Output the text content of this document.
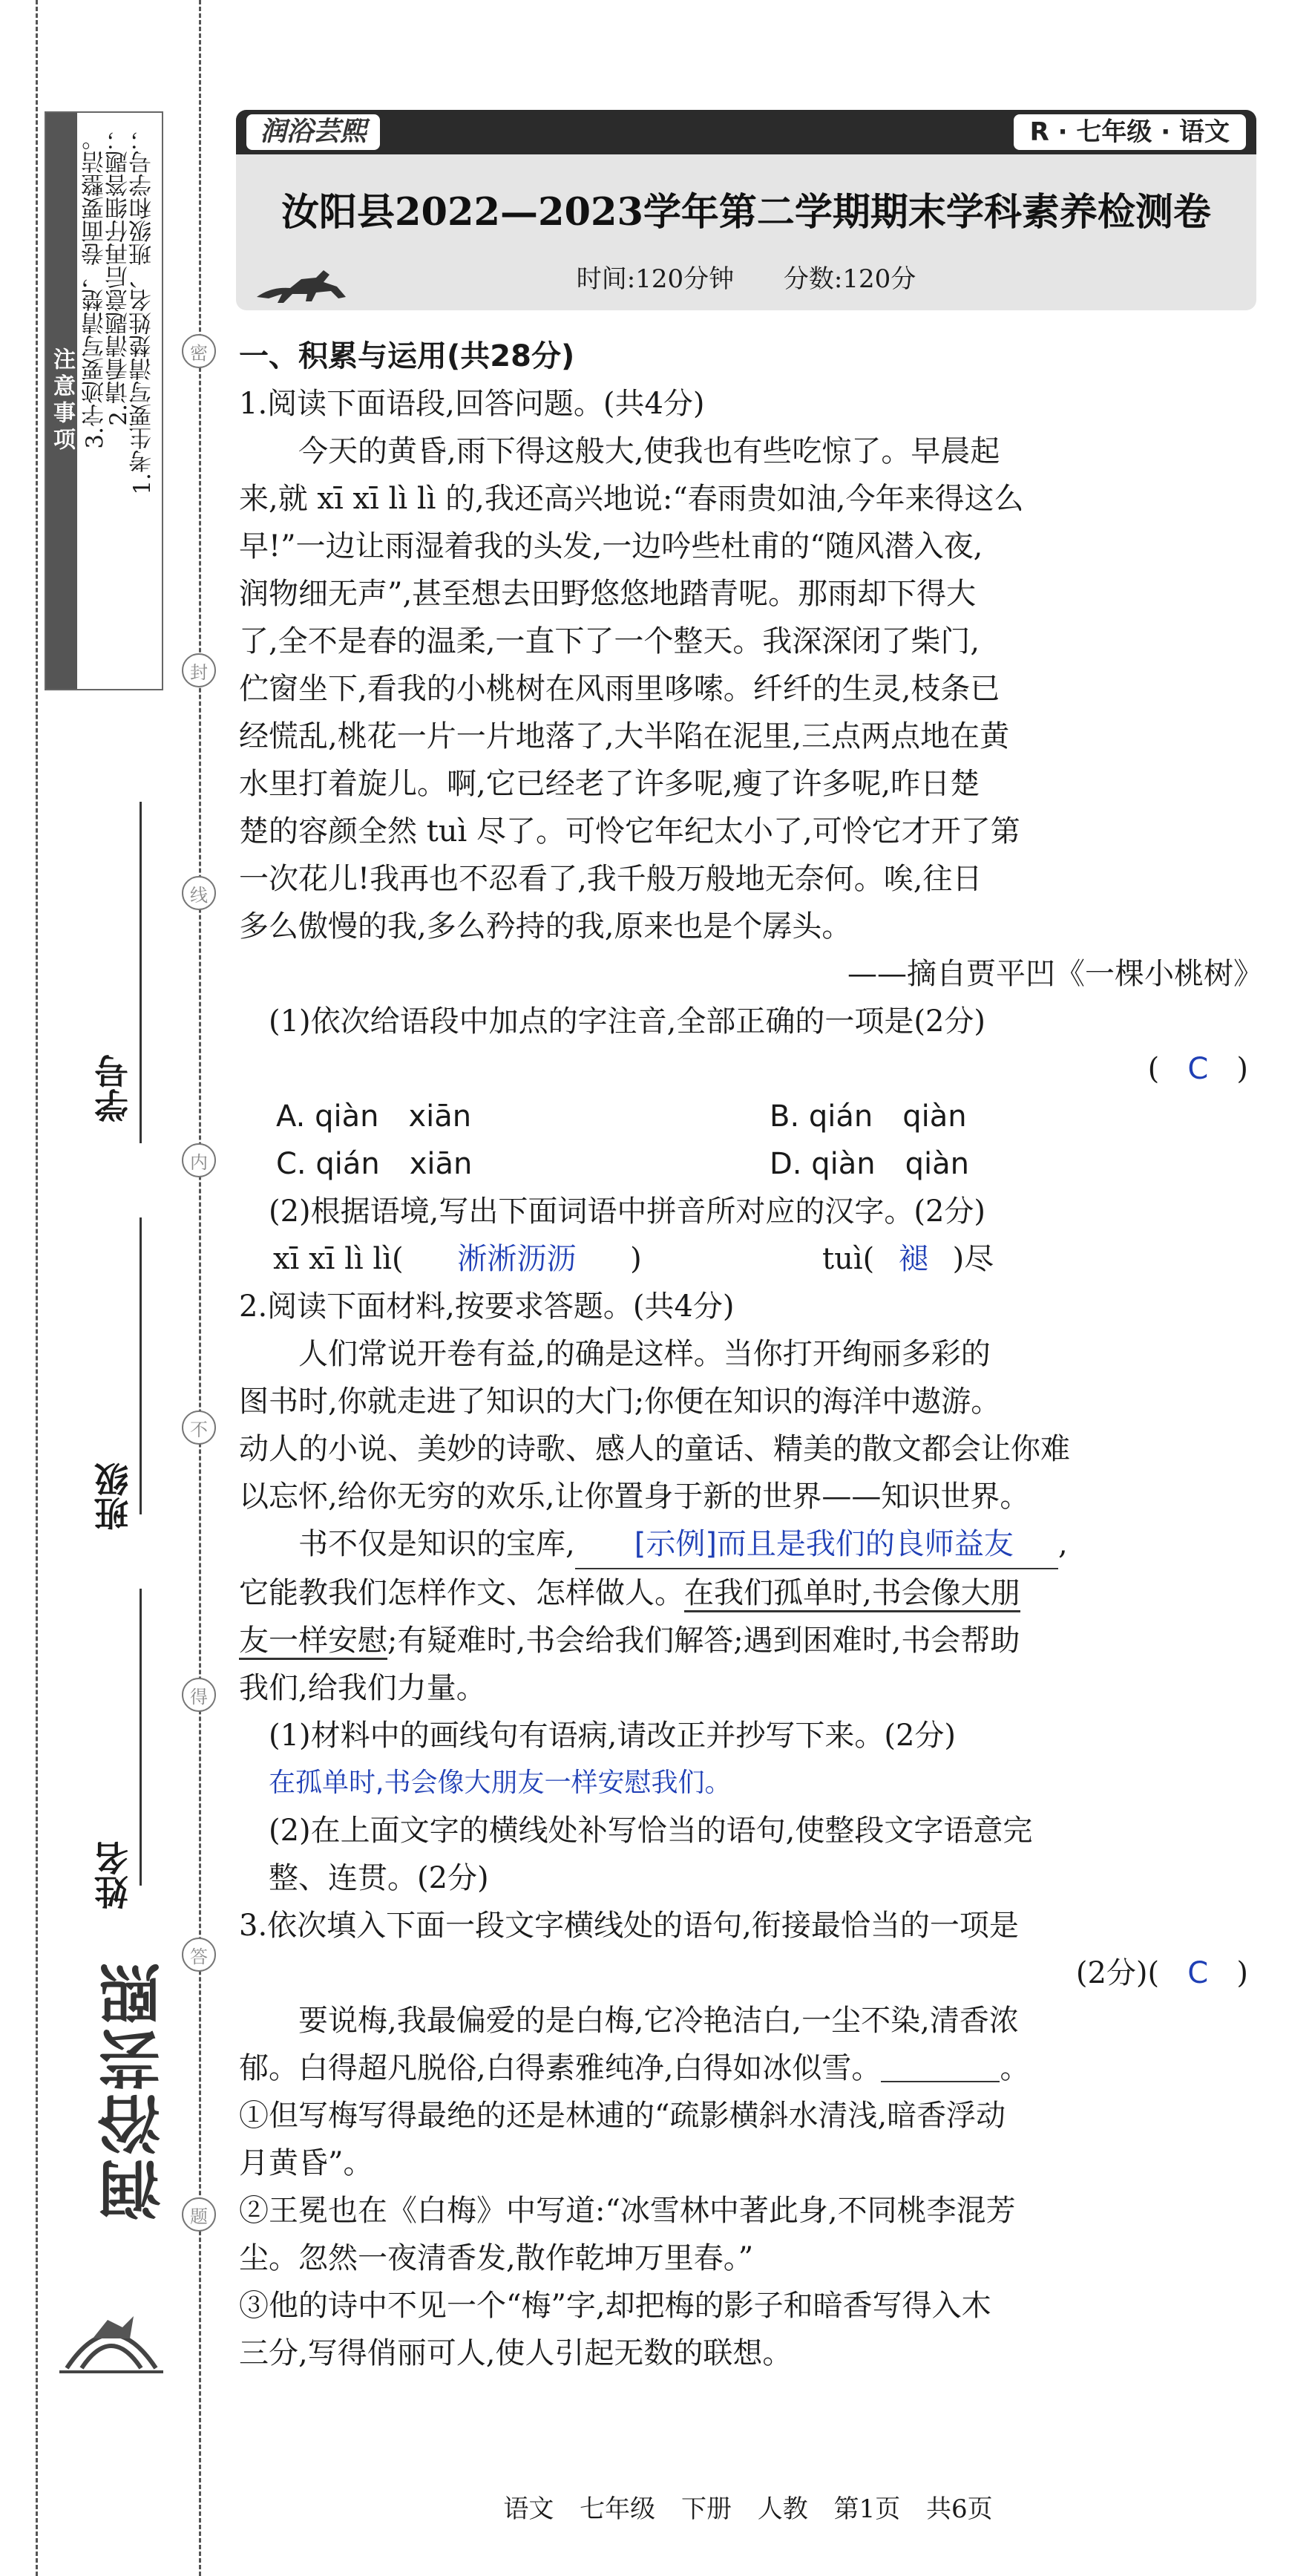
注意事项 1.考生要写清楚姓名、班级和学号；
2.请看清题意后再仔细答题；
3.字迹要写清楚，卷面要整洁。	密
封
线
内
不
得
答
题
学号
班级
姓名
润浴芸熙
润浴芸熙	R · 七年级 · 语文
汝阳县2022—2023学年第二学期期末学科素养检测卷
时间:120分钟 分数:120分
一、积累与运用(共28分)
1.阅读下面语段,回答问题。(共4分)
今天的黄昏,雨下得这般大,使我也有些吃惊了。早晨起
来,就 xī xī lì lì 的,我还高兴地说:“春雨贵如油,今年来得这么
早!”一边让雨湿着我的头发,一边吟些杜甫的“随风潜入夜,
润物细无声”,甚至想去田野悠悠地踏青呢。那雨却下得大
了,全不是春的温柔,一直下了一个整天。我深深闭了柴门,
伫窗坐下,看我的小桃树在风雨里哆嗦。纤纤的生灵,枝条已
经慌乱,桃花一片一片地落了,大半陷在泥里,三点两点地在黄
水里打着旋儿。啊,它已经老了许多呢,瘦了许多呢,昨日楚
楚的容颜全然 tuì 尽了。可怜它年纪太小了,可怜它才开了第
一次花儿!我再也不忍看了,我千般万般地无奈何。唉,往日
多么傲慢的我,多么矜持的我,原来也是个孱头。
——摘自贾平凹《一棵小桃树》
(1)依次给语段中加点的字注音,全部正确的一项是(2分)
(   C   )
A. qiàn　xiān	B. qián　qiàn
C. qián　xiān	D. qiàn　qiàn
(2)根据语境,写出下面词语中拼音所对应的汉字。(2分)
xī xī lì lì( 淅淅沥沥 )	tuì( 褪 )尽
2.阅读下面材料,按要求答题。(共4分)
人们常说开卷有益,的确是这样。当你打开绚丽多彩的
图书时,你就走进了知识的大门;你便在知识的海洋中遨游。
动人的小说、美妙的诗歌、感人的童话、精美的散文都会让你难
以忘怀,给你无穷的欢乐,让你置身于新的世界——知识世界。
书不仅是知识的宝库, [示例]而且是我们的良师益友 ,
它能教我们怎样作文、怎样做人。在我们孤单时,书会像大朋
友一样安慰;有疑难时,书会给我们解答;遇到困难时,书会帮助
我们,给我们力量。
(1)材料中的画线句有语病,请改正并抄写下来。(2分)
在孤单时,书会像大朋友一样安慰我们。
(2)在上面文字的横线处补写恰当的语句,使整段文字语意完
整、连贯。(2分)
3.依次填入下面一段文字横线处的语句,衔接最恰当的一项是
(2分)( C )
要说梅,我最偏爱的是白梅,它冷艳洁白,一尘不染,清香浓
郁。白得超凡脱俗,白得素雅纯净,白得如冰似雪。	。
①但写梅写得最绝的还是林逋的“疏影横斜水清浅,暗香浮动
月黄昏”。
②王冕也在《白梅》中写道:“冰雪林中著此身,不同桃李混芳
尘。忽然一夜清香发,散作乾坤万里春。”
③他的诗中不见一个“梅”字,却把梅的影子和暗香写得入木
三分,写得俏丽可人,使人引起无数的联想。
语文 七年级 下册 人教 第1页 共6页
